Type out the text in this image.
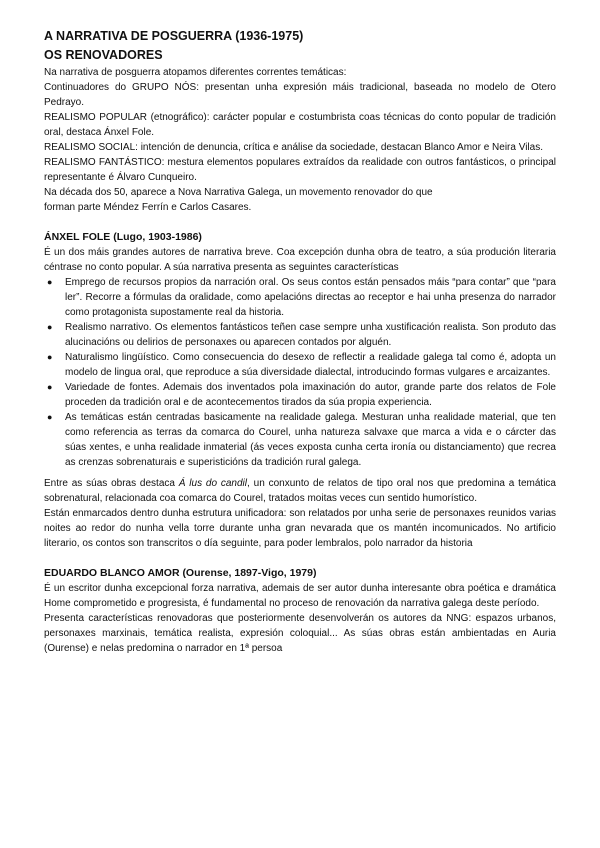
A NARRATIVA DE POSGUERRA (1936-1975)
OS RENOVADORES

Na narrativa de posguerra atopamos diferentes correntes temáticas:

Continuadores do GRUPO NÓS: presentan unha expresión máis tradicional, baseada no modelo de Otero Pedrayo.

REALISMO POPULAR (etnográfico): carácter popular e costumbrista coas técnicas do conto popular de tradición oral, destaca Ánxel Fole.

REALISMO SOCIAL: intención de denuncia, crítica e análise da sociedade, destacan Blanco Amor e Neira Vilas.

REALISMO FANTÁSTICO: mestura elementos populares extraídos da realidade con outros fantásticos, o principal representante é Álvaro Cunqueiro.

Na década dos 50, aparece a Nova Narrativa Galega, un movemento renovador do que

forman parte Méndez Ferrín e Carlos Casares.

ÁNXEL FOLE (Lugo, 1903-1986)

É un dos máis grandes autores de narrativa breve. Coa excepción dunha obra de teatro, a súa produción literaria céntrase no conto popular. A súa narrativa presenta as seguintes características

● Emprego de recursos propios da narración oral. Os seus contos están pensados máis “para contar” que “para ler”. Recorre a fórmulas da oralidade, como apelacións directas ao receptor e hai unha presenza do narrador como protagonista supostamente real da historia.
● Realismo narrativo. Os elementos fantásticos teñen case sempre unha xustificación realista. Son produto das alucinacións ou delirios de personaxes ou aparecen contados por alguén.
● Naturalismo lingüístico. Como consecuencia do desexo de reflectir a realidade galega tal como é, adopta un modelo de lingua oral, que reproduce a súa diversidade dialectal, introducindo formas vulgares e arcaizantes.
● Variedade de fontes. Ademais dos inventados pola imaxinación do autor, grande parte dos relatos de Fole proceden da tradición oral e de acontecementos tirados da súa propia experiencia.
● As temáticas están centradas basicamente na realidade galega. Mesturan unha realidade material, que ten como referencia as terras da comarca do Courel, unha natureza salvaxe que marca a vida e o cárcter das súas xentes, e unha realidade inmaterial (ás veces exposta cunha certa ironía ou distanciamento) que recrea as crenzas sobrenaturais e superisticións da tradición rural galega.

Entre as súas obras destaca Á lus do candil, un conxunto de relatos de tipo oral nos que predomina a temática sobrenatural, relacionada coa comarca do Courel, tratados moitas veces cun sentido humorístico.

Están enmarcados dentro dunha estrutura unificadora: son relatados por unha serie de personaxes reunidos varias noites ao redor do nunha vella torre durante unha gran nevarada que os mantén incomunicados. No artificio literario, os contos son transcritos o día seguinte, para poder lembralos, polo narrador da historia

EDUARDO BLANCO AMOR (Ourense, 1897-Vigo, 1979)

É un escritor dunha excepcional forza narrativa, ademais de ser autor dunha interesante obra poética e dramática Home comprometido e progresista, é fundamental no proceso de renovación da narrativa galega deste período.

Presenta características renovadoras que posteriormente desenvolverán os autores da NNG: espazos urbanos, personaxes marxinais, temática realista, expresión coloquial... As súas obras están ambientadas en Auria (Ourense) e nelas predomina o narrador en 1ª persoa
